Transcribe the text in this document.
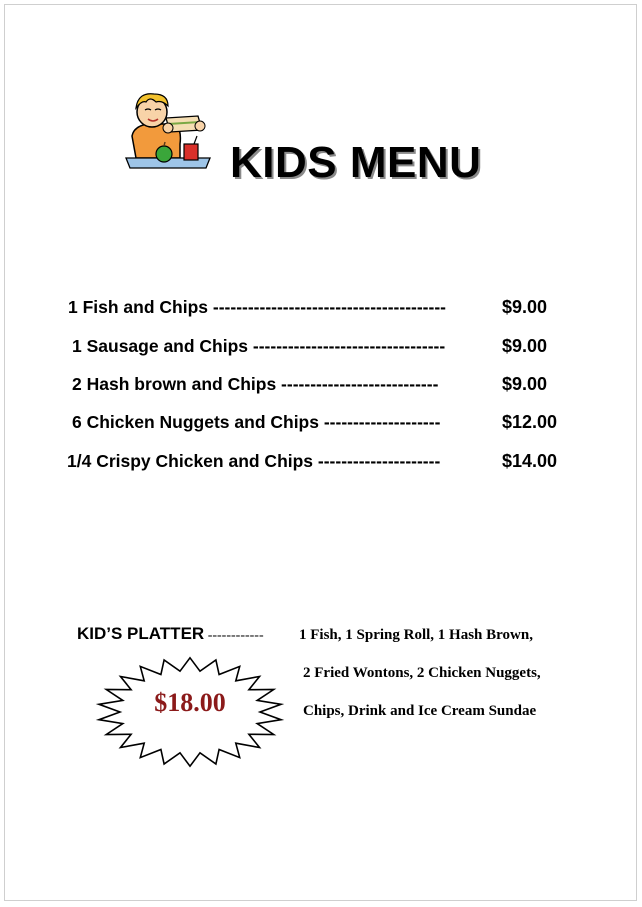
KIDS MENU
1 Fish and Chips ----------------------------------------	$9.00
1 Sausage and Chips ---------------------------------	$9.00
2 Hash brown and Chips ---------------------------	$9.00
6 Chicken Nuggets and Chips --------------------	$12.00
1/4 Crispy Chicken and Chips ---------------------	$14.00
KID’S PLATTER ------------ 1 Fish, 1 Spring Roll, 1 Hash Brown,
2 Fried Wontons, 2 Chicken Nuggets,
Chips, Drink and Ice Cream Sundae
$18.00
